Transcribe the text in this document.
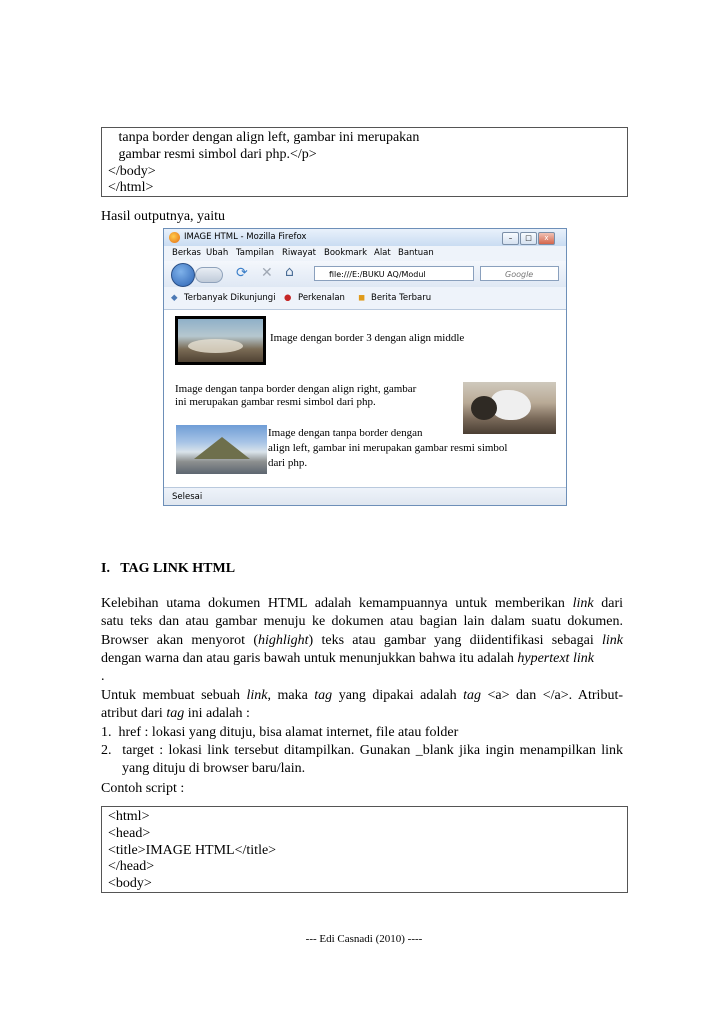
tanpa border dengan align left, gambar ini merupakan
gambar resmi simbol dari php.</p>
</body>
</html>
Hasil outputnya, yaitu
IMAGE HTML - Mozilla Firefox	–	□	x
Berkas Ubah Tampilan Riwayat Bookmark Alat Bantuan
⟳ ✕ ⌂	file:///E:/BUKU AQ/Modul	Google
◆ Terbanyak Dikunjungi ● Perkenalan ◼ Berita Terbaru
Image dengan border 3 dengan align middle
Image dengan tanpa border dengan align right, gambar
ini merupakan gambar resmi simbol dari php.
Image dengan tanpa border dengan
align left, gambar ini merupakan gambar resmi simbol
dari php.
Selesai
I.   TAG LINK HTML
Kelebihan utama dokumen HTML adalah kemampuannya untuk memberikan link dari
satu teks dan atau gambar menuju ke dokumen atau bagian lain dalam suatu dokumen.
Browser akan menyorot (highlight) teks atau gambar yang diidentifikasi sebagai link
dengan warna dan atau garis bawah untuk menunjukkan bahwa itu adalah hypertext link
.
Untuk membuat sebuah link, maka tag yang dipakai adalah tag <a> dan </a>. Atribut-
atribut dari tag ini adalah :
1.  href : lokasi yang dituju, bisa alamat internet, file atau folder
2.  target : lokasi link tersebut ditampilkan. Gunakan _blank jika ingin menampilkan link
yang dituju di browser baru/lain.
Contoh script :
<html>
<head>
<title>IMAGE HTML</title>
</head>
<body>
--- Edi Casnadi (2010) ----
